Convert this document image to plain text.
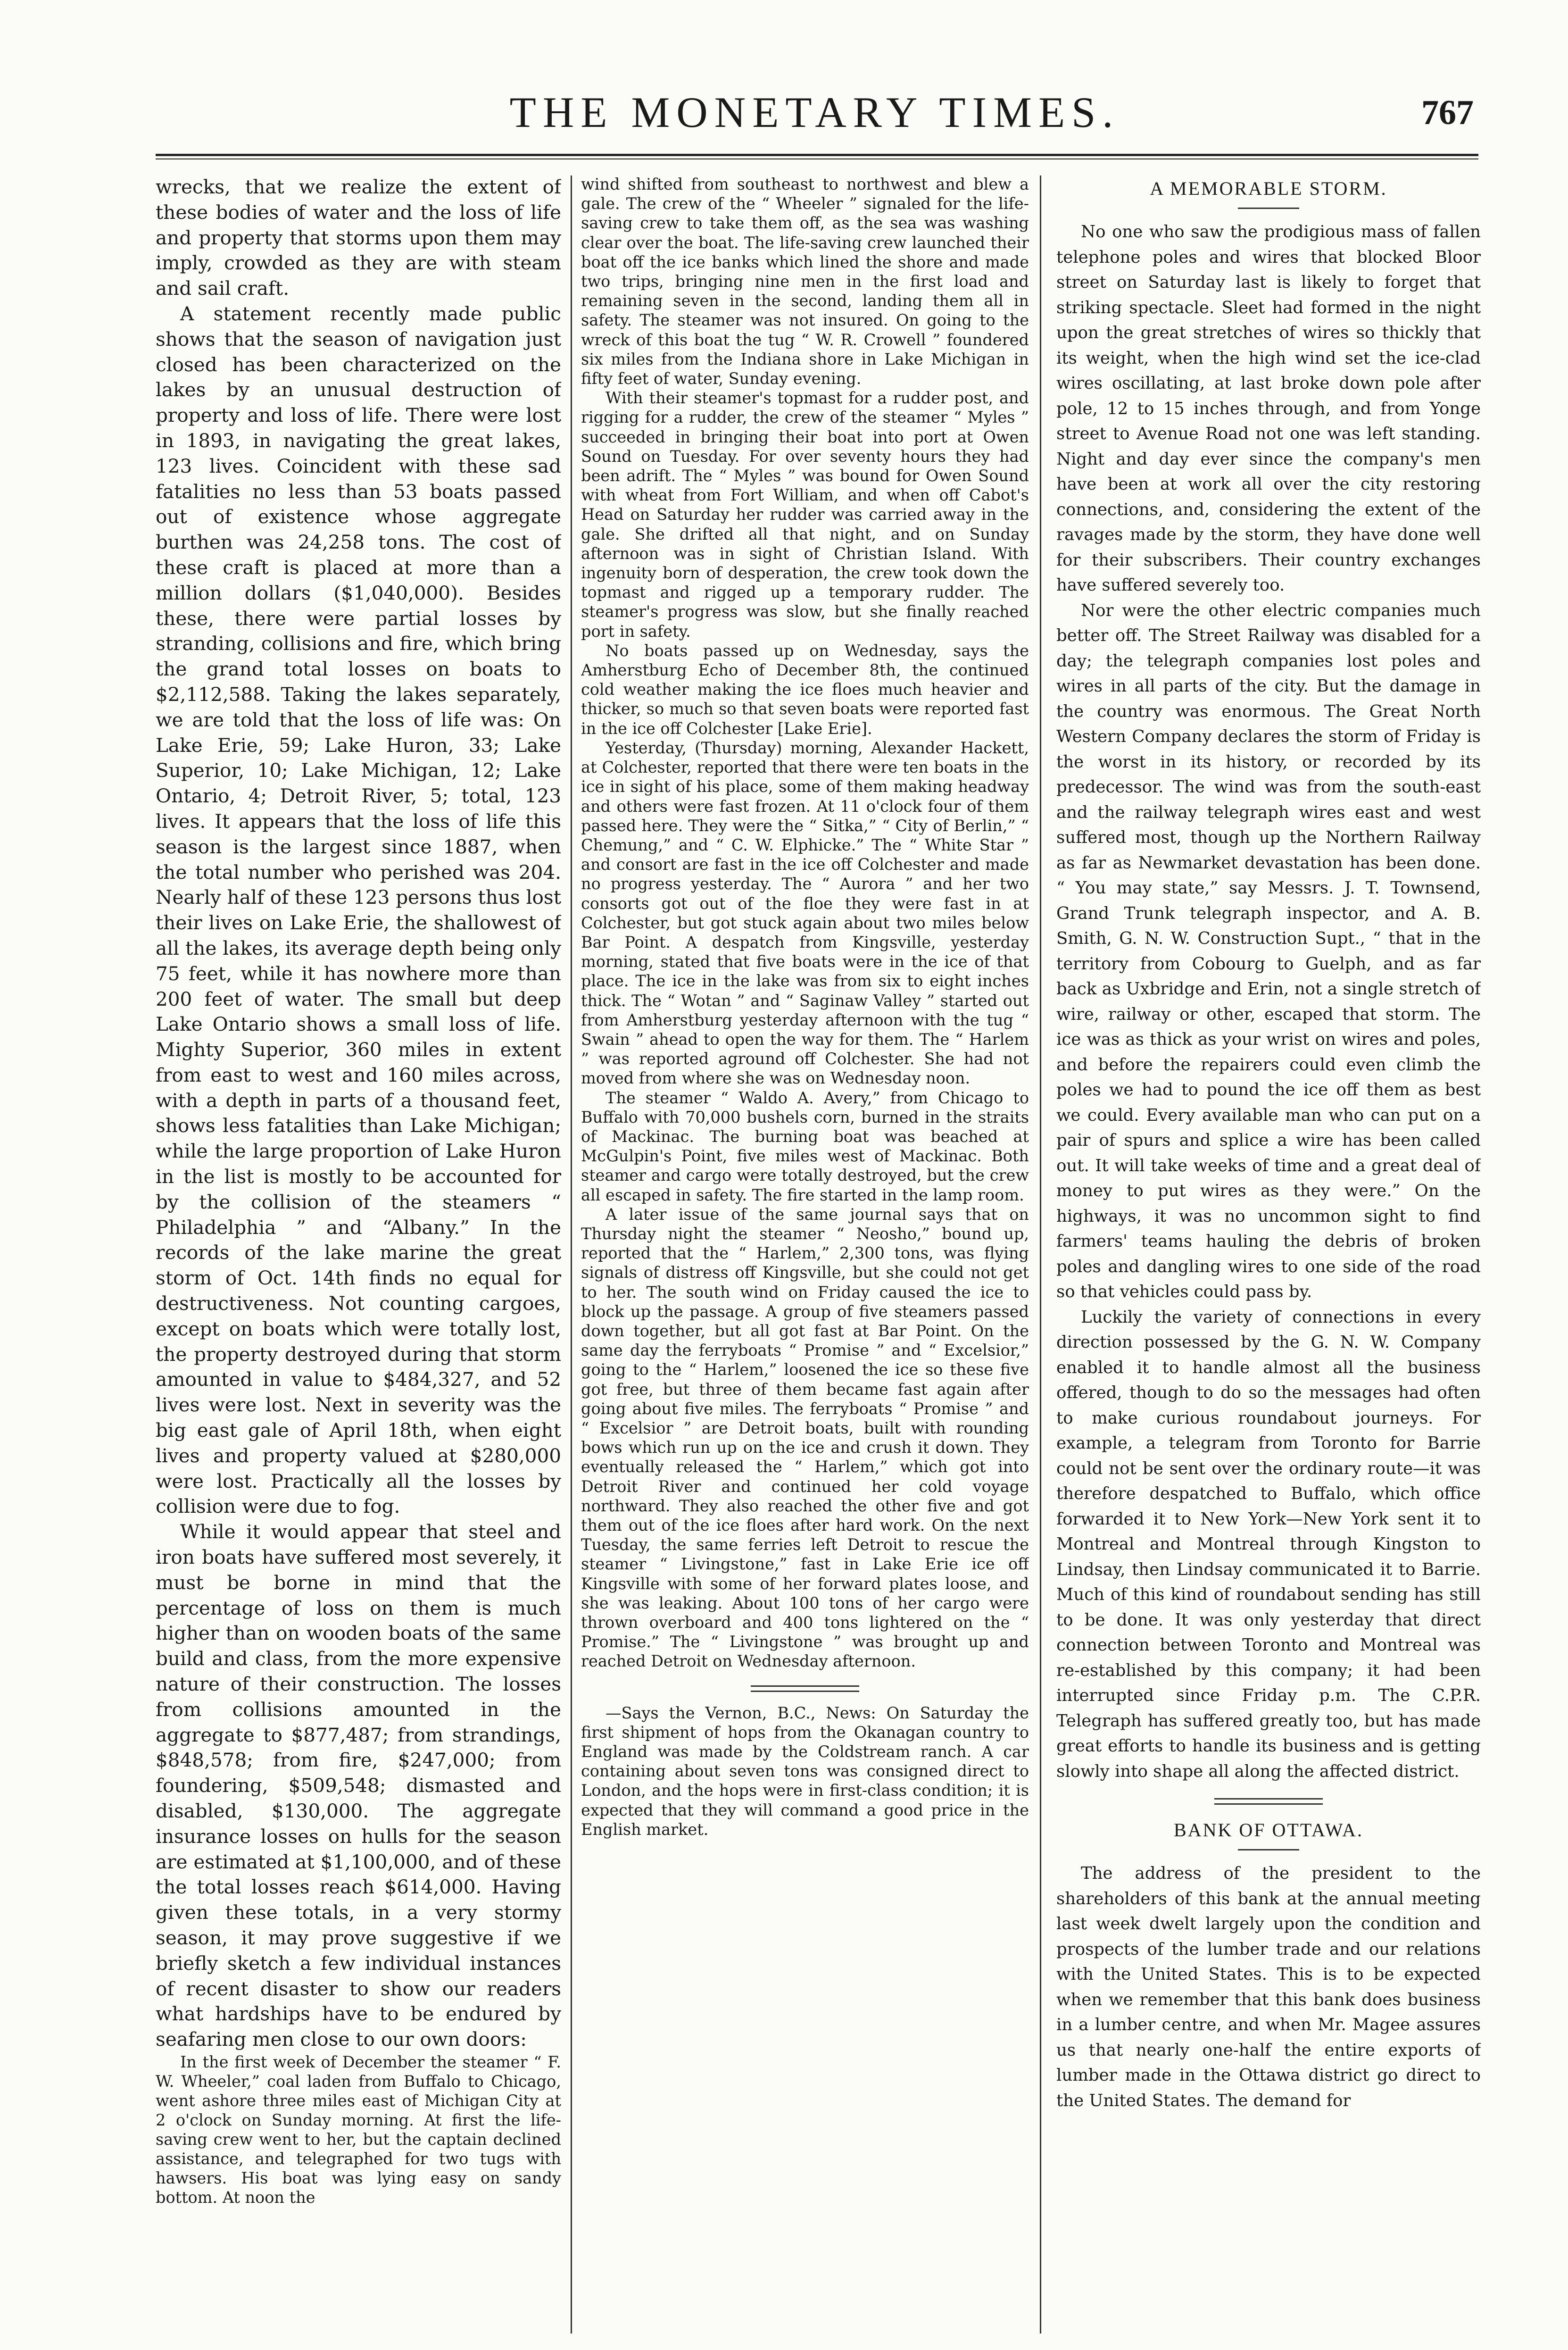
THE MONETARY TIMES.	767

wrecks, that we realize the extent of these bodies of water and the loss of life and property that storms upon them may imply, crowded as they are with steam and sail craft.

A statement recently made public shows that the season of navigation just closed has been characterized on the lakes by an unusual destruction of property and loss of life. There were lost in 1893, in navigating the great lakes, 123 lives. Coincident with these sad fatalities no less than 53 boats passed out of existence whose aggregate burthen was 24,258 tons. The cost of these craft is placed at more than a million dollars ($1,040,000). Besides these, there were partial losses by stranding, collisions and fire, which bring the grand total losses on boats to $2,112,588. Taking the lakes separately, we are told that the loss of life was: On Lake Erie, 59; Lake Huron, 33; Lake Superior, 10; Lake Michigan, 12; Lake Ontario, 4; Detroit River, 5; total, 123 lives. It appears that the loss of life this season is the largest since 1887, when the total number who perished was 204. Nearly half of these 123 persons thus lost their lives on Lake Erie, the shallowest of all the lakes, its average depth being only 75 feet, while it has nowhere more than 200 feet of water. The small but deep Lake Ontario shows a small loss of life. Mighty Superior, 360 miles in extent from east to west and 160 miles across, with a depth in parts of a thousand feet, shows less fatalities than Lake Michigan; while the large proportion of Lake Huron in the list is mostly to be accounted for by the collision of the steamers “ Philadelphia ” and “Albany.” In the records of the lake marine the great storm of Oct. 14th finds no equal for destructiveness. Not counting cargoes, except on boats which were totally lost, the property destroyed during that storm amounted in value to $484,327, and 52 lives were lost. Next in severity was the big east gale of April 18th, when eight lives and property valued at $280,000 were lost. Practically all the losses by collision were due to fog.

While it would appear that steel and iron boats have suffered most severely, it must be borne in mind that the percentage of loss on them is much higher than on wooden boats of the same build and class, from the more expensive nature of their construction. The losses from collisions amounted in the aggregate to $877,487; from strandings, $848,578; from fire, $247,000; from foundering, $509,548; dismasted and disabled, $130,000. The aggregate insurance losses on hulls for the season are estimated at $1,100,000, and of these the total losses reach $614,000. Having given these totals, in a very stormy season, it may prove suggestive if we briefly sketch a few individual instances of recent disaster to show our readers what hardships have to be endured by seafaring men close to our own doors:

In the first week of December the steamer “ F. W. Wheeler,” coal laden from Buffalo to Chicago, went ashore three miles east of Michigan City at 2 o'clock on Sunday morning. At first the life-saving crew went to her, but the captain declined assistance, and telegraphed for two tugs with hawsers. His boat was lying easy on sandy bottom. At noon the

wind shifted from southeast to northwest and blew a gale. The crew of the “ Wheeler ” signaled for the life-saving crew to take them off, as the sea was washing clear over the boat. The life-saving crew launched their boat off the ice banks which lined the shore and made two trips, bringing nine men in the first load and remaining seven in the second, landing them all in safety. The steamer was not insured. On going to the wreck of this boat the tug “ W. R. Crowell ” foundered six miles from the Indiana shore in Lake Michigan in fifty feet of water, Sunday evening.

With their steamer's topmast for a rudder post, and rigging for a rudder, the crew of the steamer “ Myles ” succeeded in bringing their boat into port at Owen Sound on Tuesday. For over seventy hours they had been adrift. The “ Myles ” was bound for Owen Sound with wheat from Fort William, and when off Cabot's Head on Saturday her rudder was carried away in the gale. She drifted all that night, and on Sunday afternoon was in sight of Christian Island. With ingenuity born of desperation, the crew took down the topmast and rigged up a temporary rudder. The steamer's progress was slow, but she finally reached port in safety.

No boats passed up on Wednesday, says the Amherstburg Echo of December 8th, the continued cold weather making the ice floes much heavier and thicker, so much so that seven boats were reported fast in the ice off Colchester [Lake Erie].

Yesterday, (Thursday) morning, Alexander Hackett, at Colchester, reported that there were ten boats in the ice in sight of his place, some of them making headway and others were fast frozen. At 11 o'clock four of them passed here. They were the “ Sitka,” “ City of Berlin,” “ Chemung,” and “ C. W. Elphicke.” The “ White Star ” and consort are fast in the ice off Colchester and made no progress yesterday. The “ Aurora ” and her two consorts got out of the floe they were fast in at Colchester, but got stuck again about two miles below Bar Point. A despatch from Kingsville, yesterday morning, stated that five boats were in the ice of that place. The ice in the lake was from six to eight inches thick. The “ Wotan ” and “ Saginaw Valley ” started out from Amherstburg yesterday afternoon with the tug “ Swain ” ahead to open the way for them. The “ Harlem ” was reported aground off Colchester. She had not moved from where she was on Wednesday noon.

The steamer “ Waldo A. Avery,” from Chicago to Buffalo with 70,000 bushels corn, burned in the straits of Mackinac. The burning boat was beached at McGulpin's Point, five miles west of Mackinac. Both steamer and cargo were totally destroyed, but the crew all escaped in safety. The fire started in the lamp room.

A later issue of the same journal says that on Thursday night the steamer “ Neosho,” bound up, reported that the “ Harlem,” 2,300 tons, was flying signals of distress off Kingsville, but she could not get to her. The south wind on Friday caused the ice to block up the passage. A group of five steamers passed down together, but all got fast at Bar Point. On the same day the ferryboats “ Promise ” and “ Excelsior,” going to the “ Harlem,” loosened the ice so these five got free, but three of them became fast again after going about five miles. The ferryboats “ Promise ” and “ Excelsior ” are Detroit boats, built with rounding bows which run up on the ice and crush it down. They eventually released the “ Harlem,” which got into Detroit River and continued her cold voyage northward. They also reached the other five and got them out of the ice floes after hard work. On the next Tuesday, the same ferries left Detroit to rescue the steamer “ Livingstone,” fast in Lake Erie ice off Kingsville with some of her forward plates loose, and she was leaking. About 100 tons of her cargo were thrown overboard and 400 tons lightered on the “ Promise.” The “ Livingstone ” was brought up and reached Detroit on Wednesday afternoon.

—Says the Vernon, B.C., News: On Saturday the first shipment of hops from the Okanagan country to England was made by the Coldstream ranch. A car containing about seven tons was consigned direct to London, and the hops were in first-class condition; it is expected that they will command a good price in the English market.

A MEMORABLE STORM.

No one who saw the prodigious mass of fallen telephone poles and wires that blocked Bloor street on Saturday last is likely to forget that striking spectacle. Sleet had formed in the night upon the great stretches of wires so thickly that its weight, when the high wind set the ice-clad wires oscillating, at last broke down pole after pole, 12 to 15 inches through, and from Yonge street to Avenue Road not one was left standing. Night and day ever since the company's men have been at work all over the city restoring connections, and, considering the extent of the ravages made by the storm, they have done well for their subscribers. Their country exchanges have suffered severely too.

Nor were the other electric companies much better off. The Street Railway was disabled for a day; the telegraph companies lost poles and wires in all parts of the city. But the damage in the country was enormous. The Great North Western Company declares the storm of Friday is the worst in its history, or recorded by its predecessor. The wind was from the south-east and the railway telegraph wires east and west suffered most, though up the Northern Railway as far as Newmarket devastation has been done. “ You may state,” say Messrs. J. T. Townsend, Grand Trunk telegraph inspector, and A. B. Smith, G. N. W. Construction Supt., “ that in the territory from Cobourg to Guelph, and as far back as Uxbridge and Erin, not a single stretch of wire, railway or other, escaped that storm. The ice was as thick as your wrist on wires and poles, and before the repairers could even climb the poles we had to pound the ice off them as best we could. Every available man who can put on a pair of spurs and splice a wire has been called out. It will take weeks of time and a great deal of money to put wires as they were.” On the highways, it was no uncommon sight to find farmers' teams hauling the debris of broken poles and dangling wires to one side of the road so that vehicles could pass by.

Luckily the variety of connections in every direction possessed by the G. N. W. Company enabled it to handle almost all the business offered, though to do so the messages had often to make curious roundabout journeys. For example, a telegram from Toronto for Barrie could not be sent over the ordinary route—it was therefore despatched to Buffalo, which office forwarded it to New York—New York sent it to Montreal and Montreal through Kingston to Lindsay, then Lindsay communicated it to Barrie. Much of this kind of roundabout sending has still to be done. It was only yesterday that direct connection between Toronto and Montreal was re-established by this company; it had been interrupted since Friday p.m. The C.P.R. Telegraph has suffered greatly too, but has made great efforts to handle its business and is getting slowly into shape all along the affected district.

BANK OF OTTAWA.

The address of the president to the shareholders of this bank at the annual meeting last week dwelt largely upon the condition and prospects of the lumber trade and our relations with the United States. This is to be expected when we remember that this bank does business in a lumber centre, and when Mr. Magee assures us that nearly one-half the entire exports of lumber made in the Ottawa district go direct to the United States. The demand for
